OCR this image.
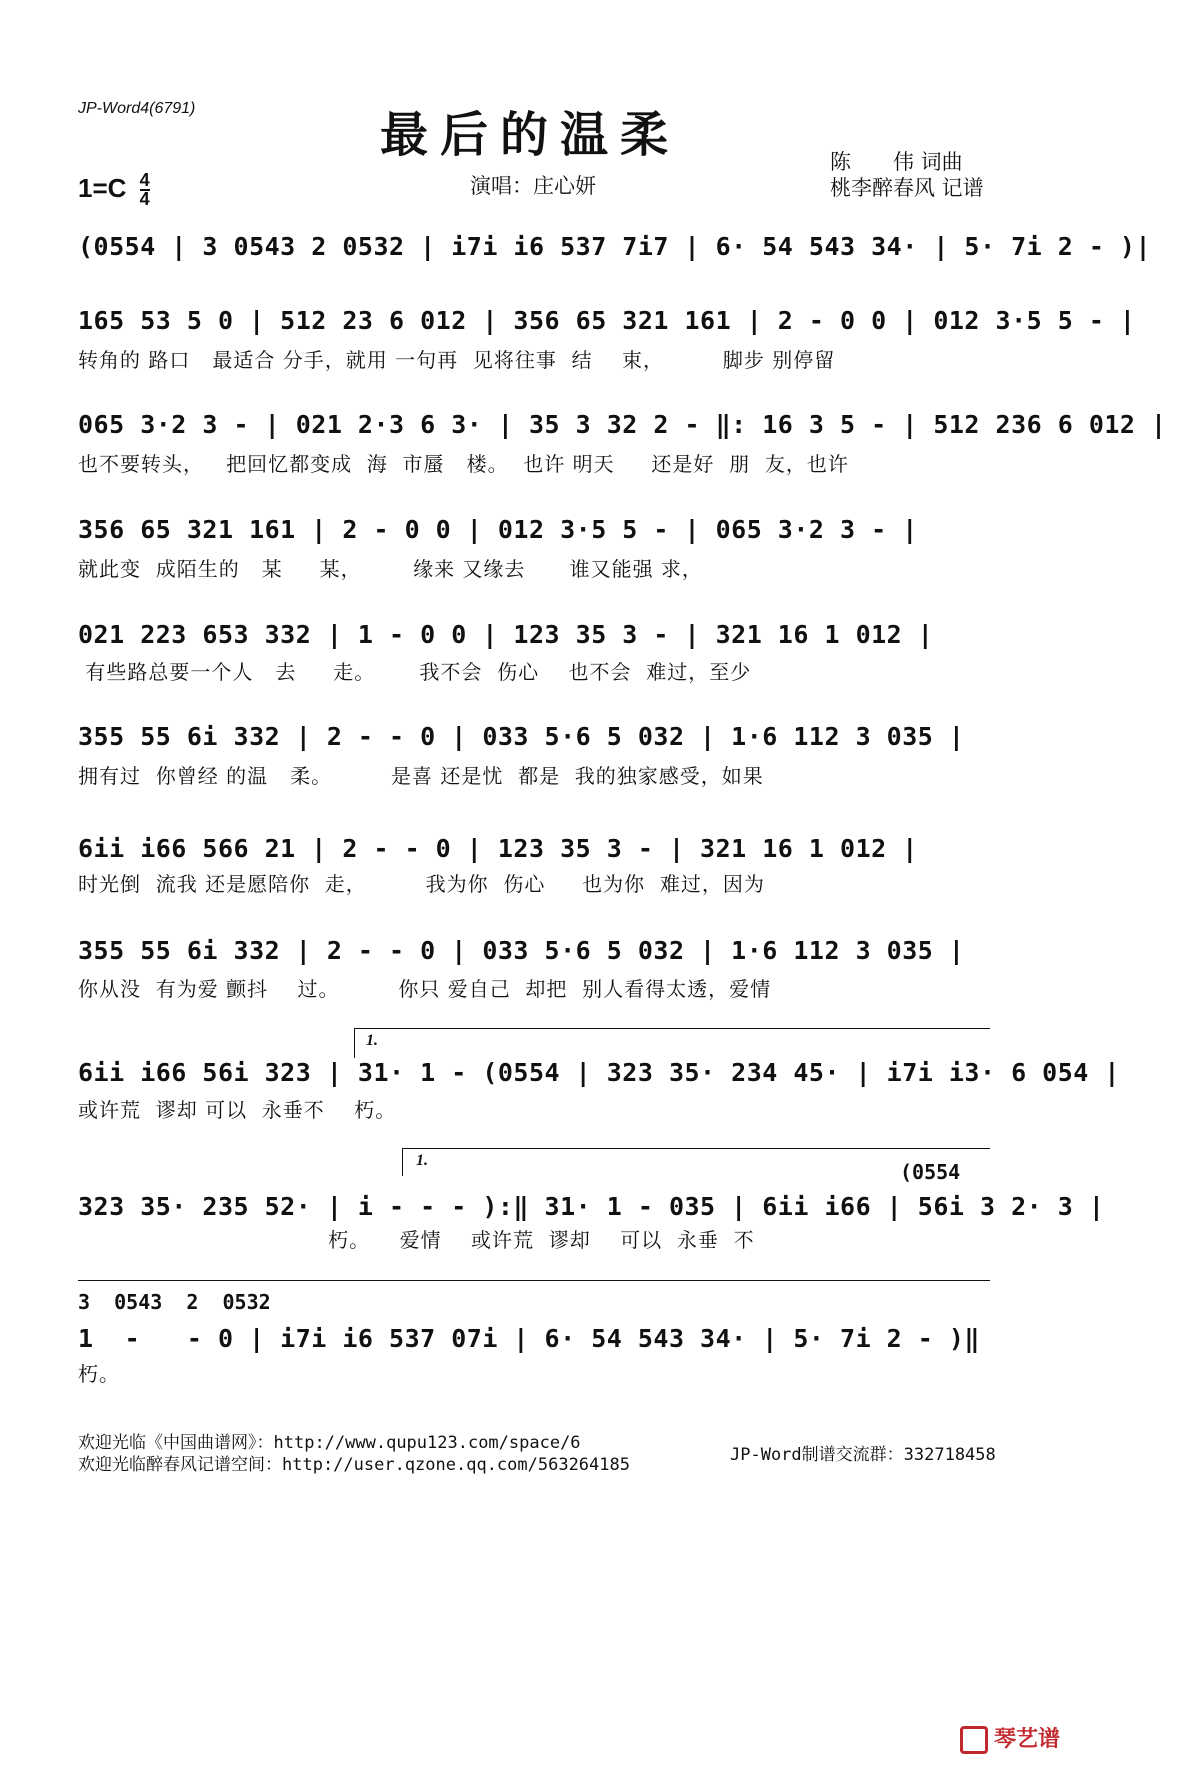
JP-Word4(6791)	最后的温柔
$1=C \frac{4}{4}$	演唱：庄心妍
陈　　伟 词曲
桃李醉春风 记谱
(0554 | 3 0543 2 0532 | i7i i6 537 7i7 | 6· 54 543 34· | 5· 7i 2 - )|
165 53 5 0 | 512 23 6 012 | 356 65 321 161 | 2 - 0 0 | 012 3·5 5 - |
转角的 路口   最适合 分手，就用 一句再  见将往事  结    束，        脚步 别停留
065 3·2 3 - | 021 2·3 6 3· | 35 3 32 2 - ‖: 16 3 5 - | 512 236 6 012 |
也不要转头，   把回忆都变成  海  市蜃   楼。  也许 明天     还是好  朋  友，也许
356 65 321 161 | 2 - 0 0 | 012 3·5 5 - | 065 3·2 3 - |
就此变  成陌生的   某     某，       缘来 又缘去      谁又能强 求，
021 223 653 332 | 1 - 0 0 | 123 35 3 - | 321 16 1 012 |
有些路总要一个人   去     走。      我不会  伤心    也不会  难过，至少
355 55 6i 332 | 2 - - 0 | 033 5·6 5 032 | 1·6 112 3 035 |
拥有过  你曾经 的温   柔。        是喜 还是忧  都是  我的独家感受，如果
6ii i66 566 21 | 2 - - 0 | 123 35 3 - | 321 16 1 012 |
时光倒  流我 还是愿陪你  走，        我为你  伤心     也为你  难过，因为
355 55 6i 332 | 2 - - 0 | 033 5·6 5 032 | 1·6 112 3 035 |
你从没  有为爱 颤抖    过。        你只 爱自己  却把  别人看得太透，爱情
1.
6ii i66 56i 323 | 31· 1 - (0554 | 323 35· 234 45· | i7i i3· 6 054 |
或许荒  谬却 可以  永垂不    朽。
1.	(0554
323 35· 235 52· | i - - - ):‖ 31· 1 - 035 | 6ii i66 | 56i 3 2· 3 |
朽。    爱情    或许荒  谬却    可以  永垂  不
3  0543  2  0532
1  -   - 0 | i7i i6 537 07i | 6· 54 543 34· | 5· 7i 2 - )‖
朽。
欢迎光临《中国曲谱网》：http://www.qupu123.com/space/6
欢迎光临醉春风记谱空间：http://user.qzone.qq.com/563264185	JP-Word制谱交流群：332718458
琴艺谱
